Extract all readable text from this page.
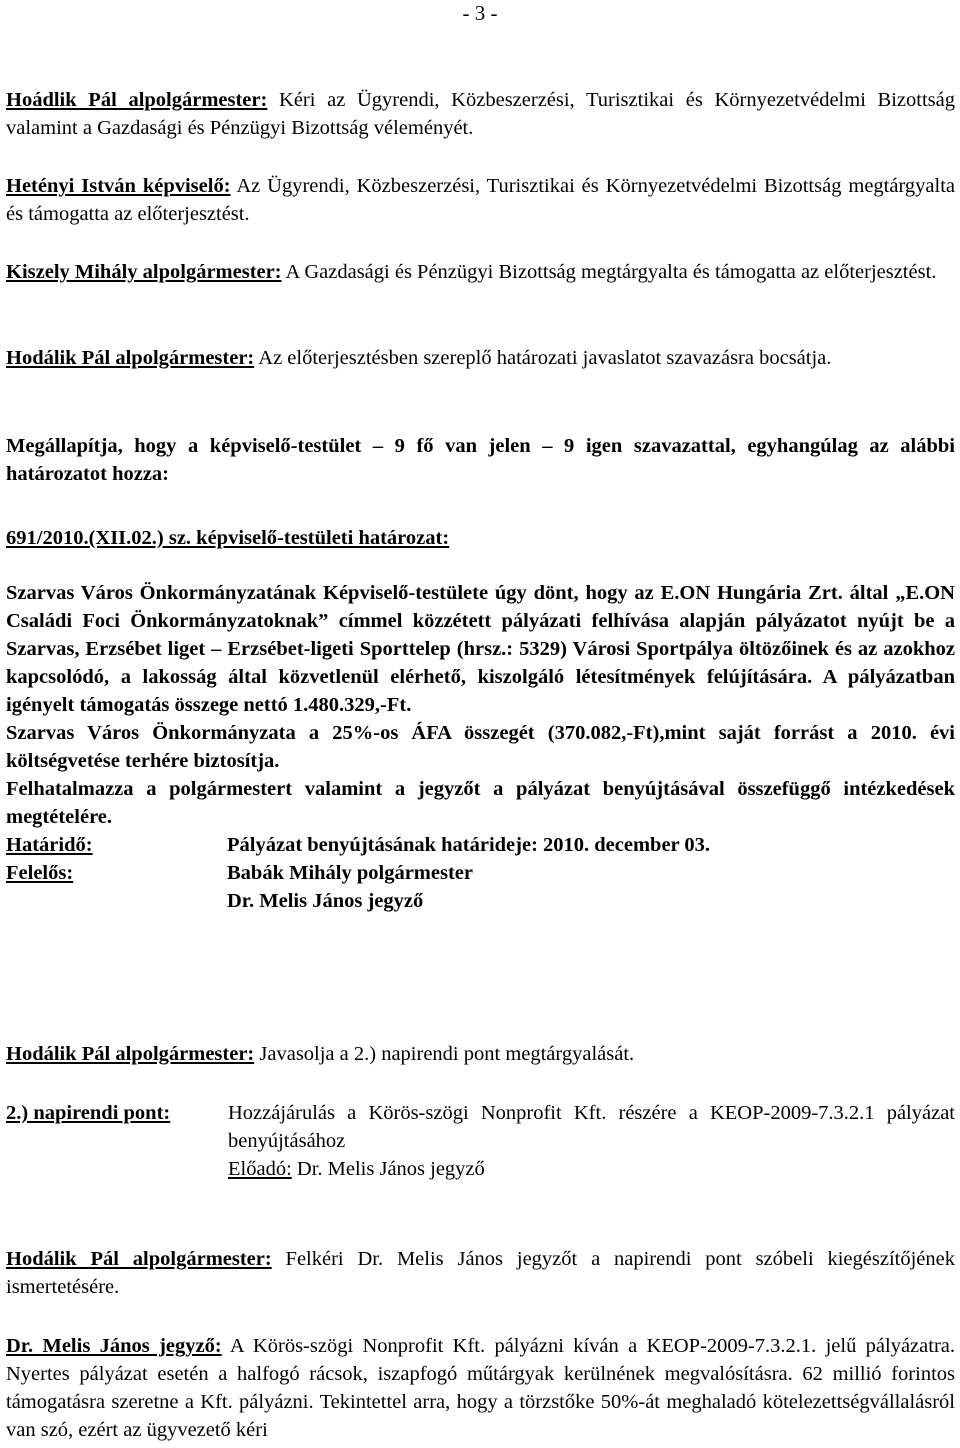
- 3 -

Hoádlik Pál alpolgármester: Kéri az Ügyrendi, Közbeszerzési, Turisztikai és Környezetvédelmi Bizottság valamint a Gazdasági és Pénzügyi Bizottság véleményét.

Hetényi István képviselő: Az Ügyrendi, Közbeszerzési, Turisztikai és Környezetvédelmi Bizottság megtárgyalta és támogatta az előterjesztést.

Kiszely Mihály alpolgármester: A Gazdasági és Pénzügyi Bizottság megtárgyalta és támogatta az előterjesztést.

Hodálik Pál alpolgármester: Az előterjesztésben szereplő határozati javaslatot szavazásra bocsátja.

Megállapítja, hogy a képviselő-testület – 9 fő van jelen – 9 igen szavazattal, egyhangúlag az alábbi határozatot hozza:

691/2010.(XII.02.) sz. képviselő-testületi határozat:

Szarvas Város Önkormányzatának Képviselő-testülete úgy dönt, hogy az E.ON Hungária Zrt. által „E.ON Családi Foci Önkormányzatoknak” címmel közzétett pályázati felhívása alapján pályázatot nyújt be a Szarvas, Erzsébet liget – Erzsébet-ligeti Sporttelep (hrsz.: 5329) Városi Sportpálya öltözőinek és az azokhoz kapcsolódó, a lakosság által közvetlenül elérhető, kiszolgáló létesítmények felújítására. A pályázatban igényelt támogatás összege nettó 1.480.329,-Ft.
Szarvas Város Önkormányzata a 25%-os ÁFA összegét (370.082,-Ft),mint saját forrást a 2010. évi költségvetése terhére biztosítja.
Felhatalmazza a polgármestert valamint a jegyzőt a pályázat benyújtásával összefüggő intézkedések megtételére.
Határidő:	Pályázat benyújtásának határideje: 2010. december 03.
Felelős:	Babák Mihály polgármester
Dr. Melis János jegyző

Hodálik Pál alpolgármester: Javasolja a 2.) napirendi pont megtárgyalását.

2.) napirendi pont:	Hozzájárulás a Körös-szögi Nonprofit Kft. részére a KEOP-2009-7.3.2.1 pályázat benyújtásához
Előadó: Dr. Melis János jegyző

Hodálik Pál alpolgármester: Felkéri Dr. Melis János jegyzőt a napirendi pont szóbeli kiegészítőjének ismertetésére.

Dr. Melis János jegyző: A Körös-szögi Nonprofit Kft. pályázni kíván a KEOP-2009-7.3.2.1. jelű pályázatra. Nyertes pályázat esetén a halfogó rácsok, iszapfogó műtárgyak kerülnének megvalósításra. 62 millió forintos támogatásra szeretne a Kft. pályázni. Tekintettel arra, hogy a törzstőke 50%-át meghaladó kötelezettségvállalásról van szó, ezért az ügyvezető kéri
